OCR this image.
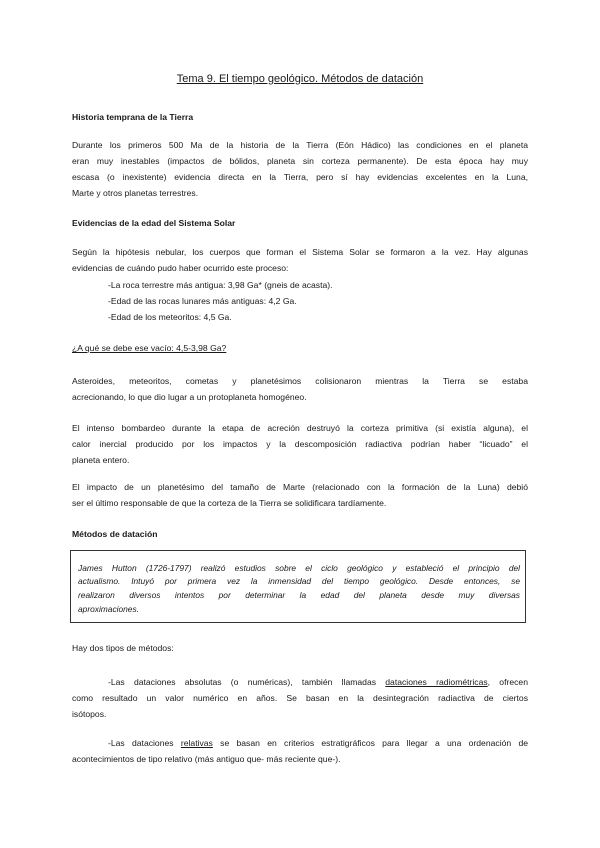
Tema 9. El tiempo geológico. Métodos de datación
Historia temprana de la Tierra
Durante los primeros 500 Ma de la historia de la Tierra (Eón Hádico) las condiciones en el planeta
eran muy inestables (impactos de bólidos, planeta sin corteza permanente). De esta época hay muy
escasa (o inexistente) evidencia directa en la Tierra, pero sí hay evidencias excelentes en la Luna,
Marte y otros planetas terrestres.
Evidencias de la edad del Sistema Solar
Según la hipótesis nebular, los cuerpos que forman el Sistema Solar se formaron a la vez. Hay algunas
evidencias de cuándo pudo haber ocurrido este proceso:
-La roca terrestre más antigua: 3,98 Ga* (gneis de acasta).
-Edad de las rocas lunares más antiguas: 4,2 Ga.
-Edad de los meteoritos: 4,5 Ga.
¿A qué se debe ese vacío: 4,5-3,98 Ga?
Asteroides, meteoritos, cometas y planetésimos colisionaron mientras la Tierra se estaba
acrecionando, lo que dio lugar a un protoplaneta homogéneo.
El intenso bombardeo durante la etapa de acreción destruyó la corteza primitiva (si existía alguna), el
calor inercial producido por los impactos y la descomposición radiactiva podrían haber “licuado” el
planeta entero.
El impacto de un planetésimo del tamaño de Marte (relacionado con la formación de la Luna) debió
ser el último responsable de que la corteza de la Tierra se solidificara tardíamente.
Métodos de datación
James Hutton (1726-1797) realizó estudios sobre el ciclo geológico y estableció el principio del
actualismo. Intuyó por primera vez la inmensidad del tiempo geológico. Desde entonces, se
realizaron diversos intentos por determinar la edad del planeta desde muy diversas
aproximaciones.
Hay dos tipos de métodos:
-Las dataciones absolutas (o numéricas), también llamadas dataciones radiométricas, ofrecen
como resultado un valor numérico en años. Se basan en la desintegración radiactiva de ciertos
isótopos.
-Las dataciones relativas se basan en criterios estratigráficos para llegar a una ordenación de
acontecimientos de tipo relativo (más antiguo que- más reciente que-).
